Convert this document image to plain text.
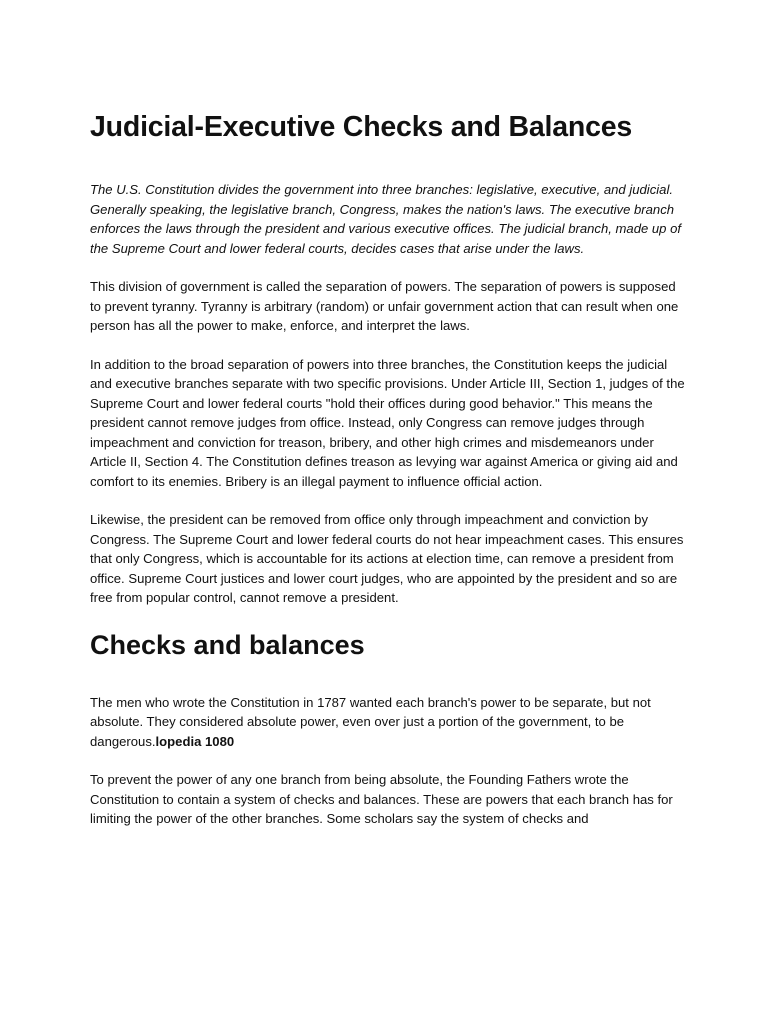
Judicial-Executive Checks and Balances

The U.S. Constitution divides the government into three branches: legislative, executive, and judicial. Generally speaking, the legislative branch, Congress, makes the nation's laws. The executive branch enforces the laws through the president and various executive offices. The judicial branch, made up of the Supreme Court and lower federal courts, decides cases that arise under the laws.

This division of government is called the separation of powers. The separation of powers is supposed to prevent tyranny. Tyranny is arbitrary (random) or unfair government action that can result when one person has all the power to make, enforce, and interpret the laws.

In addition to the broad separation of powers into three branches, the Constitution keeps the judicial and executive branches separate with two specific provisions. Under Article III, Section 1, judges of the Supreme Court and lower federal courts "hold their offices during good behavior." This means the president cannot remove judges from office. Instead, only Congress can remove judges through impeachment and conviction for treason, bribery, and other high crimes and misdemeanors under Article II, Section 4. The Constitution defines treason as levying war against America or giving aid and comfort to its enemies. Bribery is an illegal payment to influence official action.

Likewise, the president can be removed from office only through impeachment and conviction by Congress. The Supreme Court and lower federal courts do not hear impeachment cases. This ensures that only Congress, which is accountable for its actions at election time, can remove a president from office. Supreme Court justices and lower court judges, who are appointed by the president and so are free from popular control, cannot remove a president.

Checks and balances

The men who wrote the Constitution in 1787 wanted each branch's power to be separate, but not absolute. They considered absolute power, even over just a portion of the government, to be dangerous.lopedia 1080

To prevent the power of any one branch from being absolute, the Founding Fathers wrote the Constitution to contain a system of checks and balances. These are powers that each branch has for limiting the power of the other branches. Some scholars say the system of checks and
